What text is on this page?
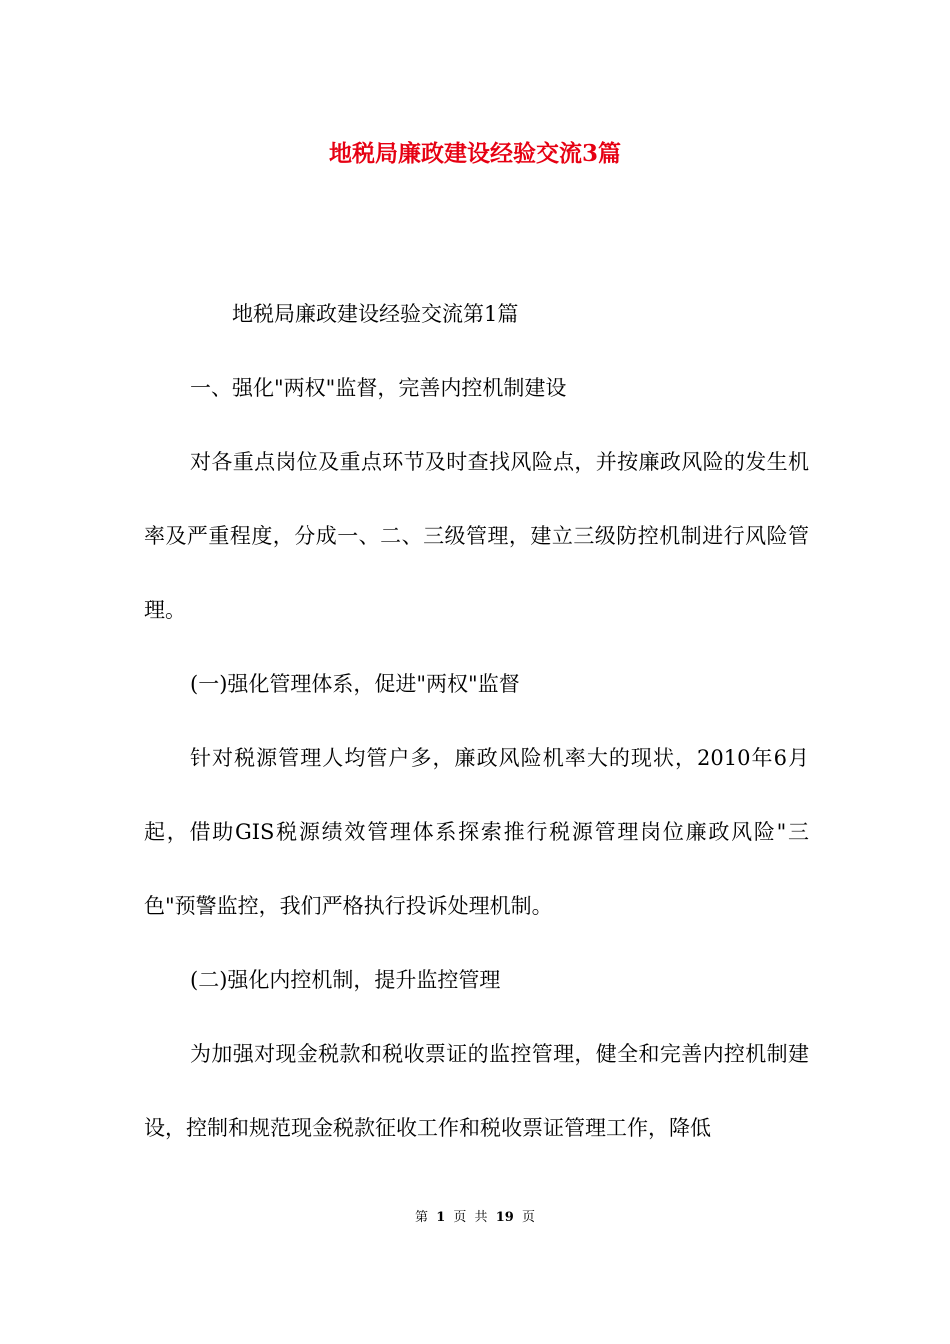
地税局廉政建设经验交流3篇

地税局廉政建设经验交流第1篇

一、强化"两权"监督，完善内控机制建设

对各重点岗位及重点环节及时查找风险点，并按廉政风险的发生机率及严重程度，分成一、二、三级管理，建立三级防控机制进行风险管理。

(一)强化管理体系，促进"两权"监督

针对税源管理人均管户多，廉政风险机率大的现状，2010年6月起，借助GIS税源绩效管理体系探索推行税源管理岗位廉政风险"三色"预警监控，我们严格执行投诉处理机制。

(二)强化内控机制，提升监控管理

为加强对现金税款和税收票证的监控管理，健全和完善内控机制建设，控制和规范现金税款征收工作和税收票证管理工作，降低

第 1 页 共 19 页
